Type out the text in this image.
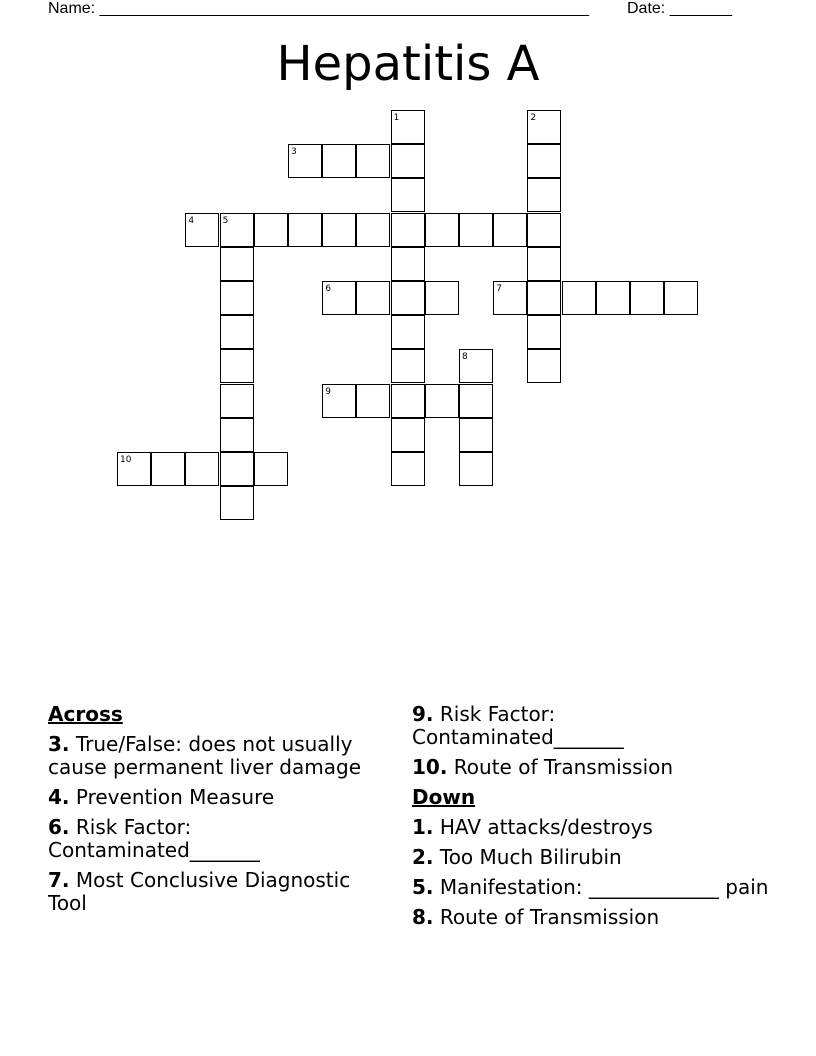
Name: _______________________________________________________ Date: _______
Hepatitis A
1	2
3
4	5
6	7
8
9
10
Across
3. True/False: does not usually cause permanent liver damage
4. Prevention Measure
6. Risk Factor: Contaminated_______
7. Most Conclusive Diagnostic Tool
9. Risk Factor: Contaminated_______
10. Route of Transmission
Down
1. HAV attacks/destroys
2. Too Much Bilirubin
5. Manifestation: _____________ pain
8. Route of Transmission
